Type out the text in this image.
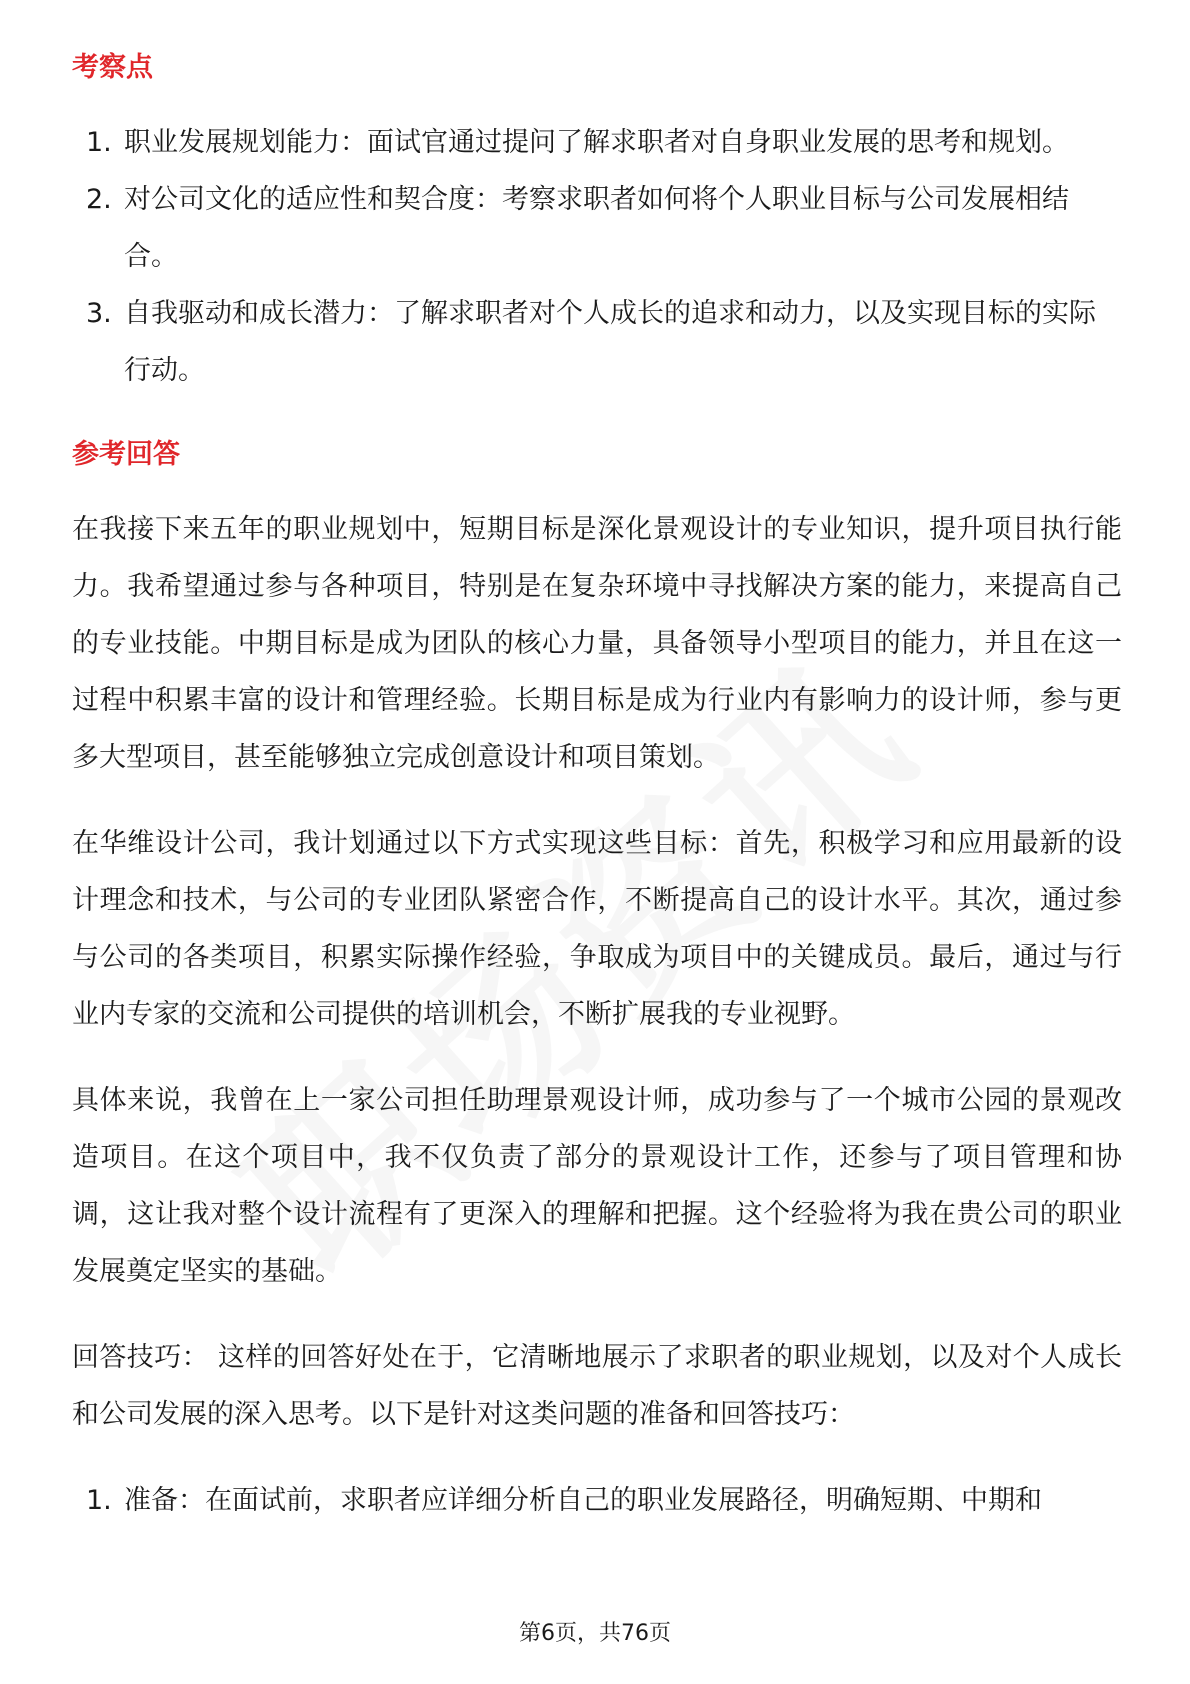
考察点
1. 职业发展规划能力：面试官通过提问了解求职者对自身职业发展的思考和规划。
2. 对公司文化的适应性和契合度：考察求职者如何将个人职业目标与公司发展相结合。
3. 自我驱动和成长潜力：了解求职者对个人成长的追求和动力，以及实现目标的实际行动。
参考回答

在我接下来五年的职业规划中，短期目标是深化景观设计的专业知识，提升项目执行能力。我希望通过参与各种项目，特别是在复杂环境中寻找解决方案的能力，来提高自己的专业技能。中期目标是成为团队的核心力量，具备领导小型项目的能力，并且在这一过程中积累丰富的设计和管理经验。长期目标是成为行业内有影响力的设计师，参与更多大型项目，甚至能够独立完成创意设计和项目策划。

在华维设计公司，我计划通过以下方式实现这些目标：首先，积极学习和应用最新的设计理念和技术，与公司的专业团队紧密合作，不断提高自己的设计水平。其次，通过参与公司的各类项目，积累实际操作经验，争取成为项目中的关键成员。最后，通过与行业内专家的交流和公司提供的培训机会，不断扩展我的专业视野。

具体来说，我曾在上一家公司担任助理景观设计师，成功参与了一个城市公园的景观改造项目。在这个项目中，我不仅负责了部分的景观设计工作，还参与了项目管理和协调，这让我对整个设计流程有了更深入的理解和把握。这个经验将为我在贵公司的职业发展奠定坚实的基础。

回答技巧： 这样的回答好处在于，它清晰地展示了求职者的职业规划，以及对个人成长和公司发展的深入思考。以下是针对这类问题的准备和回答技巧：

1. 准备：在面试前，求职者应详细分析自己的职业发展路径，明确短期、中期和
第6页，共76页
